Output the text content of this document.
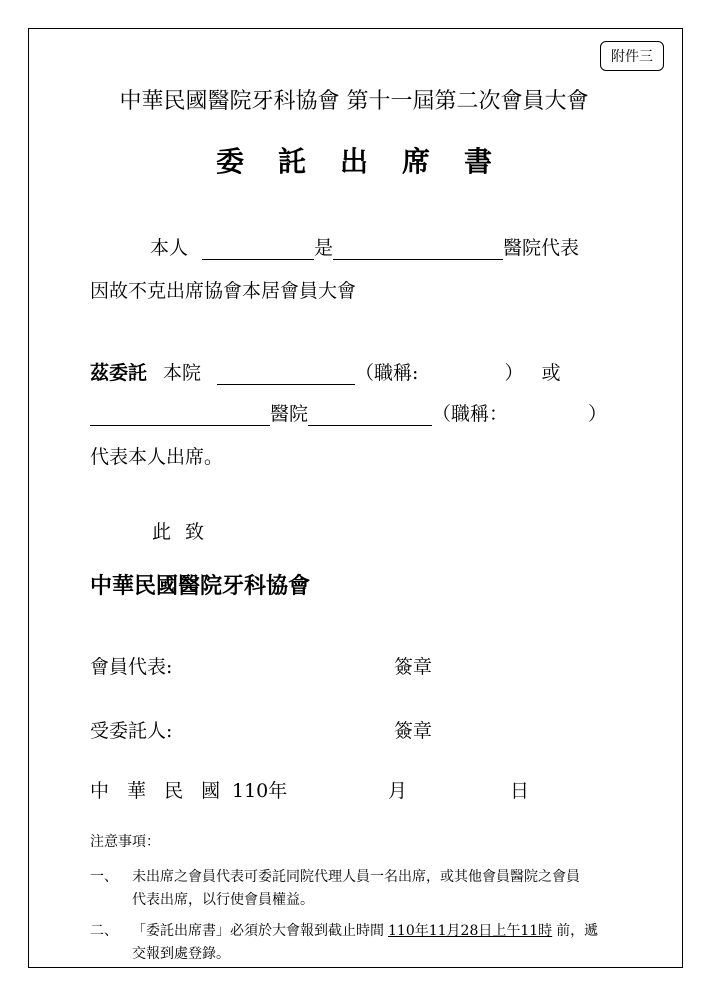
附件三
中華民國醫院牙科協會 第十一屆第二次會員大會
委託出席書
本人	是	醫院代表
因故不克出席協會本居會員大會
茲委託 本院	（職稱:	） 或
醫院	（職稱：	）
代表本人出席。
此 致
中華民國醫院牙科協會
會員代表:	簽章
受委託人:	簽章
中 華 民 國 110年	月	日
注意事項：
一、 未出席之會員代表可委託同院代理人員一名出席，或其他會員醫院之會員
代表出席，以行使會員權益。
二、 「委託出席書」必須於大會報到截止時間 110年11月28日上午11時 前，遞
交報到處登錄。
